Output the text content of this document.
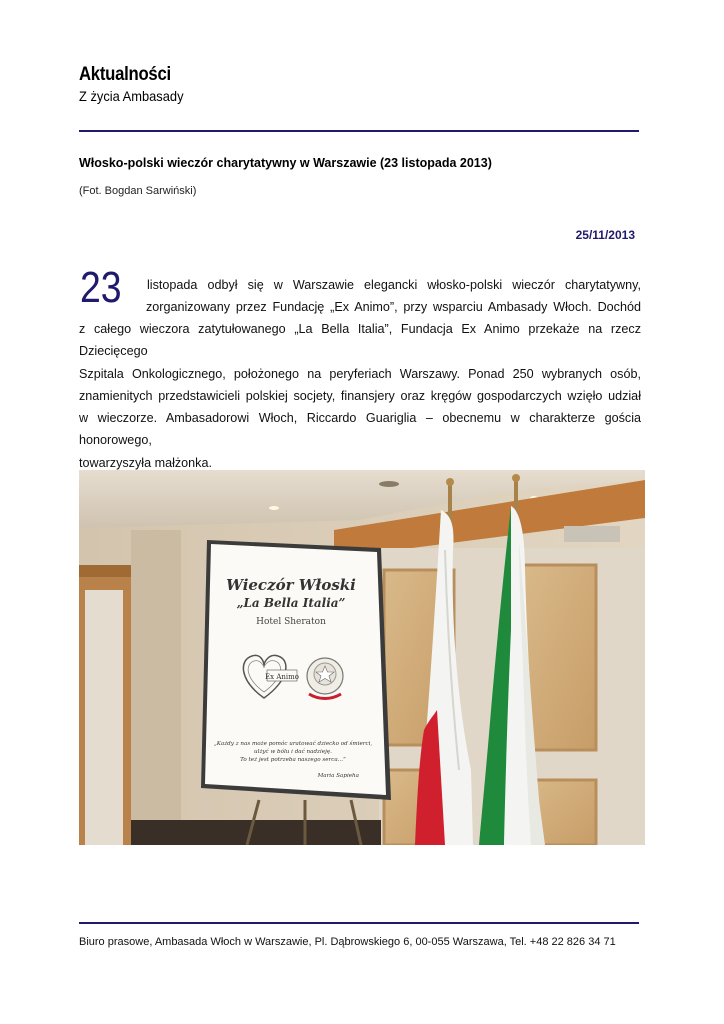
Aktualności
Z życia Ambasady
Włosko-polski wieczór charytatywny w Warszawie (23 listopada 2013)
(Fot. Bogdan Sarwiński)
25/11/2013
23 listopada odbył się w Warszawie elegancki włosko-polski wieczór charytatywny,
zorganizowany przez Fundację „Ex Animo”, przy wsparciu Ambasady Włoch. Dochód
z całego wieczora zatytułowanego „La Bella Italia”, Fundacja Ex Animo przekaże na rzecz Dziecięcego
Szpitala Onkologicznego, położonego na peryferiach Warszawy. Ponad 250 wybranych osób,
znamienitych przedstawicieli polskiej socjety, finansjery oraz kręgów gospodarczych wzięło udział
w wieczorze. Ambasadorowi Włoch, Riccardo Guariglia – obecnemu w charakterze gościa honorowego,
towarzyszyła małżonka.
Wieczór Włoski
„La Bella Italia”
Hotel Sheraton
Ex Animo
„Każdy z nas może pomóc uratować dziecko od śmierci,
ulżyć w bólu i dać nadzieję.
To też jest potrzeba naszego serca...”
Maria Sapieha
Biuro prasowe, Ambasada Włoch w Warszawie, Pl. Dąbrowskiego 6, 00-055 Warszawa, Tel. +48 22 826 34 71
